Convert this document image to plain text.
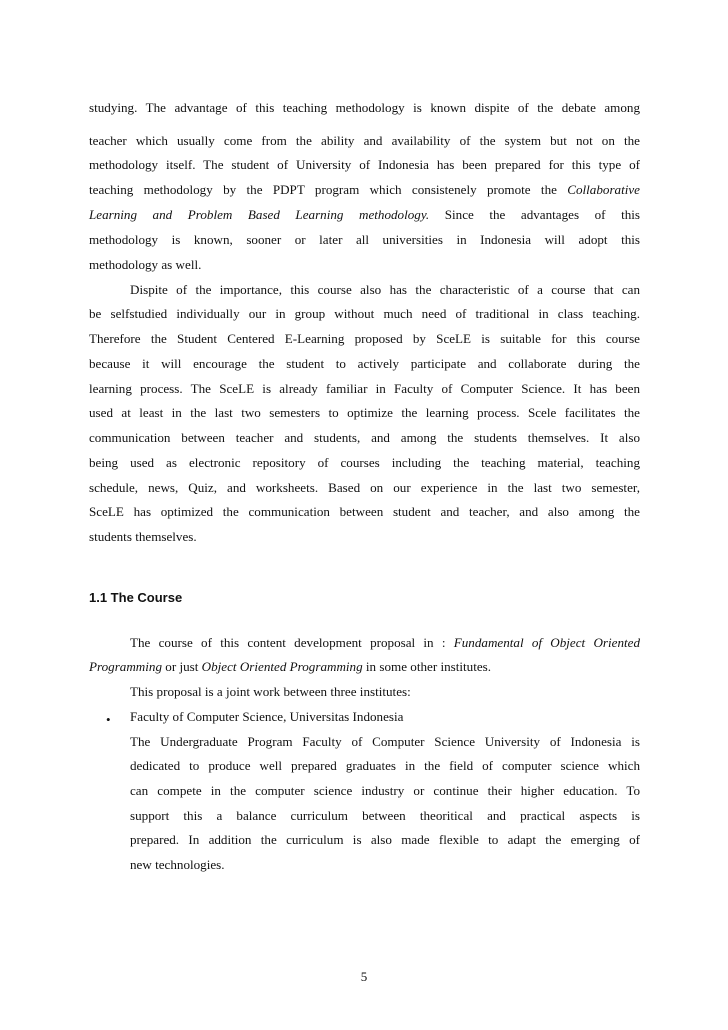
studying. The advantage of this teaching methodology is known dispite of the debate among
teacher which usually come from the ability and availability of the system but not on the
methodology itself. The student of University of Indonesia has been prepared for this type of
teaching methodology by the PDPT program which consistenely promote the Collaborative
Learning and Problem Based Learning methodology. Since the advantages of this
methodology is known, sooner or later all universities in Indonesia will adopt this
methodology as well.
Dispite of the importance, this course also has the characteristic of a course that can
be selfstudied individually our in group without much need of traditional in class teaching.
Therefore the Student Centered E-Learning proposed by SceLE is suitable for this course
because it will encourage the student to actively participate and collaborate during the
learning process. The SceLE is already familiar in Faculty of Computer Science. It has been
used at least in the last two semesters to optimize the learning process. Scele facilitates the
communication between teacher and students, and among the students themselves. It also
being used as electronic repository of courses including the teaching material, teaching
schedule, news, Quiz, and worksheets. Based on our experience in the last two semester,
SceLE has optimized the communication between student and teacher, and also among the
students themselves.
1.1 The Course
The course of this content development proposal in : Fundamental of Object Oriented
Programming or just Object Oriented Programming in some other institutes.
This proposal is a joint work between three institutes:
• Faculty of Computer Science, Universitas Indonesia
The Undergraduate Program Faculty of Computer Science University of Indonesia is
dedicated to produce well prepared graduates in the field of computer science which
can compete in the computer science industry or continue their higher education. To
support this a balance curriculum between theoritical and practical aspects is
prepared. In addition the curriculum is also made flexible to adapt the emerging of
new technologies.
5
